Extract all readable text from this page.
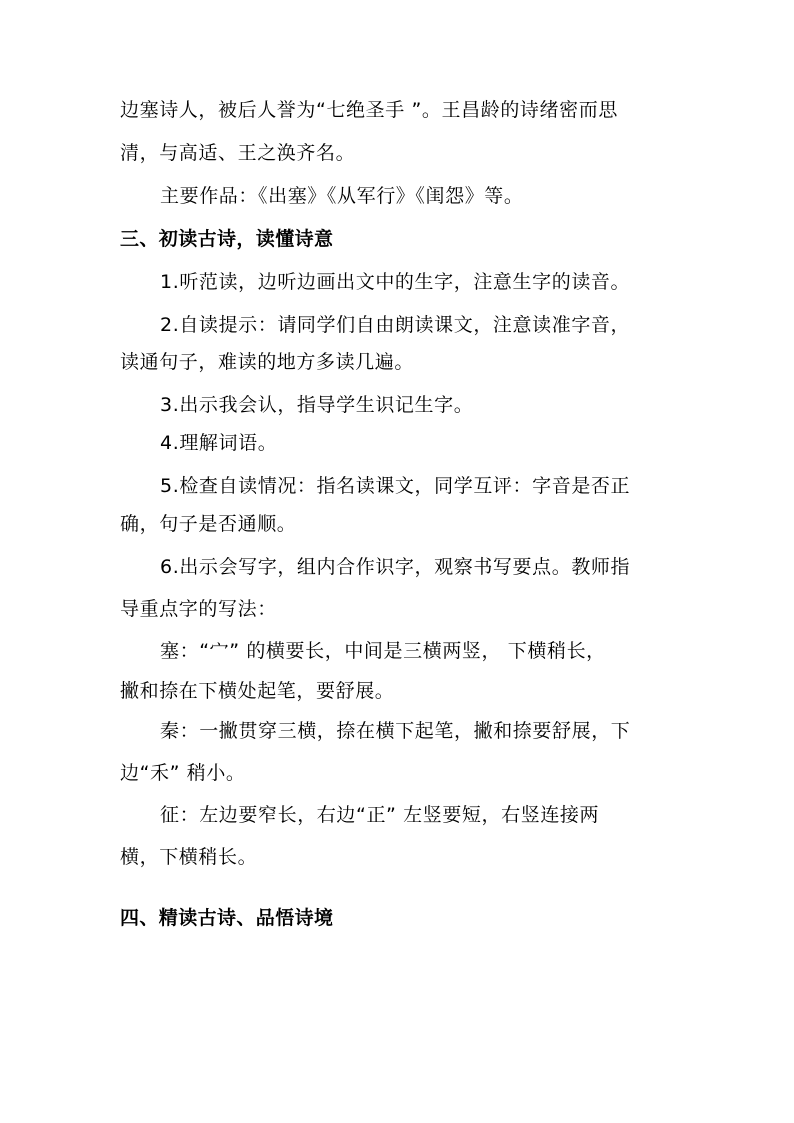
边塞诗人，被后人誉为“七绝圣手 ”。王昌龄的诗绪密而思
清，与高适、王之涣齐名。
主要作品：《出塞》《从军行》《闺怨》等。
三、初读古诗，读懂诗意
1.听范读，边听边画出文中的生字，注意生字的读音。
2.自读提示：请同学们自由朗读课文，注意读准字音，
读通句子，难读的地方多读几遍。
3.出示我会认，指导学生识记生字。
4.理解词语。
5.检查自读情况：指名读课文，同学互评：字音是否正
确，句子是否通顺。
6.出示会写字，组内合作识字，观察书写要点。教师指
导重点字的写法：
塞：“宀” 的横要长，中间是三横两竖， 下横稍长，
撇和捺在下横处起笔，要舒展。
秦：一撇贯穿三横，捺在横下起笔，撇和捺要舒展，下
边“禾” 稍小。
征：左边要窄长，右边“正” 左竖要短，右竖连接两
横，下横稍长。
四、精读古诗、品悟诗境
